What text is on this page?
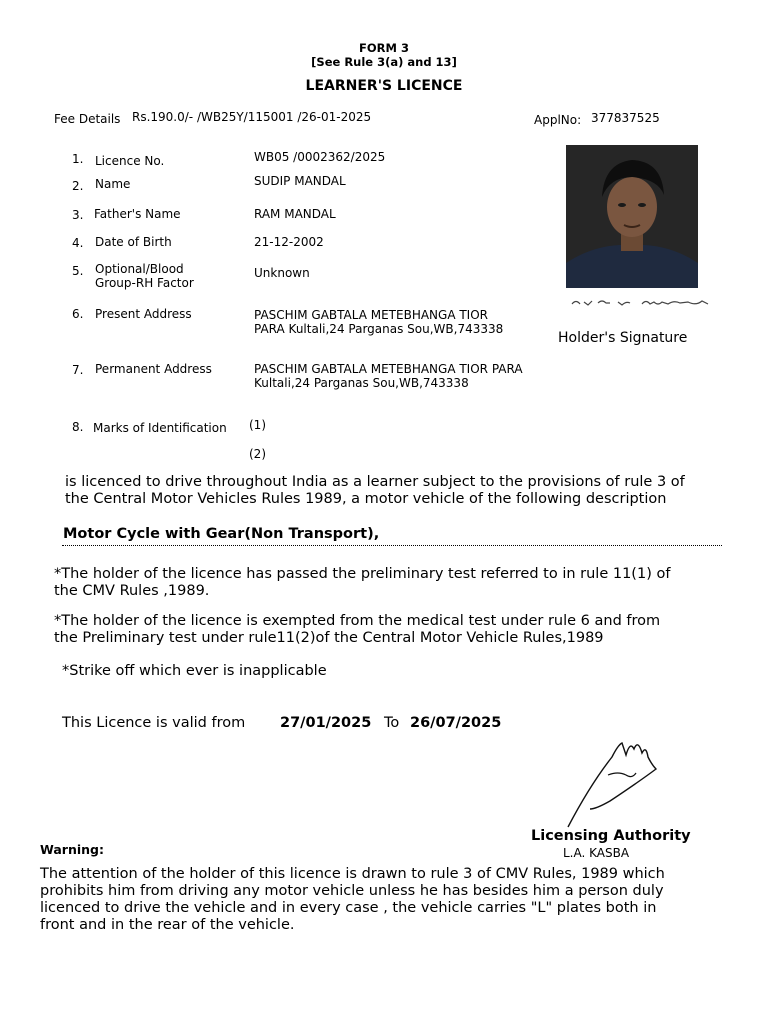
FORM 3
[See Rule 3(a) and 13]
LEARNER'S LICENCE
Fee Details Rs.190.0/- /WB25Y/115001 /26-01-2025	ApplNo: 377837525
1. Licence No.	WB05 /0002362/2025
2. Name	SUDIP MANDAL
3. Father's Name	RAM MANDAL
4. Date of Birth	21-12-2002
5. Optional/Blood
Group-RH Factor
Unknown
6. Present Address	PASCHIM GABTALA METEBHANGA TIOR
PARA Kultali,24 Parganas Sou,WB,743338
7. Permanent Address	PASCHIM GABTALA METEBHANGA TIOR PARA
Kultali,24 Parganas Sou,WB,743338
8. Marks of Identification (1)
(2)
Holder's Signature
is licenced to drive throughout India as a learner subject to the provisions of rule 3 of
the Central Motor Vehicles Rules 1989, a motor vehicle of the following description
Motor Cycle with Gear(Non Transport),
*The holder of the licence has passed the preliminary test referred to in rule 11(1) of
the CMV Rules ,1989.
*The holder of the licence is exempted from the medical test under rule 6 and from
the Preliminary test under rule11(2)of the Central Motor Vehicle Rules,1989
*Strike off which ever is inapplicable
This Licence is valid from 27/01/2025 To 26/07/2025
Licensing Authority
L.A. KASBA
Warning:
The attention of the holder of this licence is drawn to rule 3 of CMV Rules, 1989 which
prohibits him from driving any motor vehicle unless he has besides him a person duly
licenced to drive the vehicle and in every case , the vehicle carries "L" plates both in
front and in the rear of the vehicle.
